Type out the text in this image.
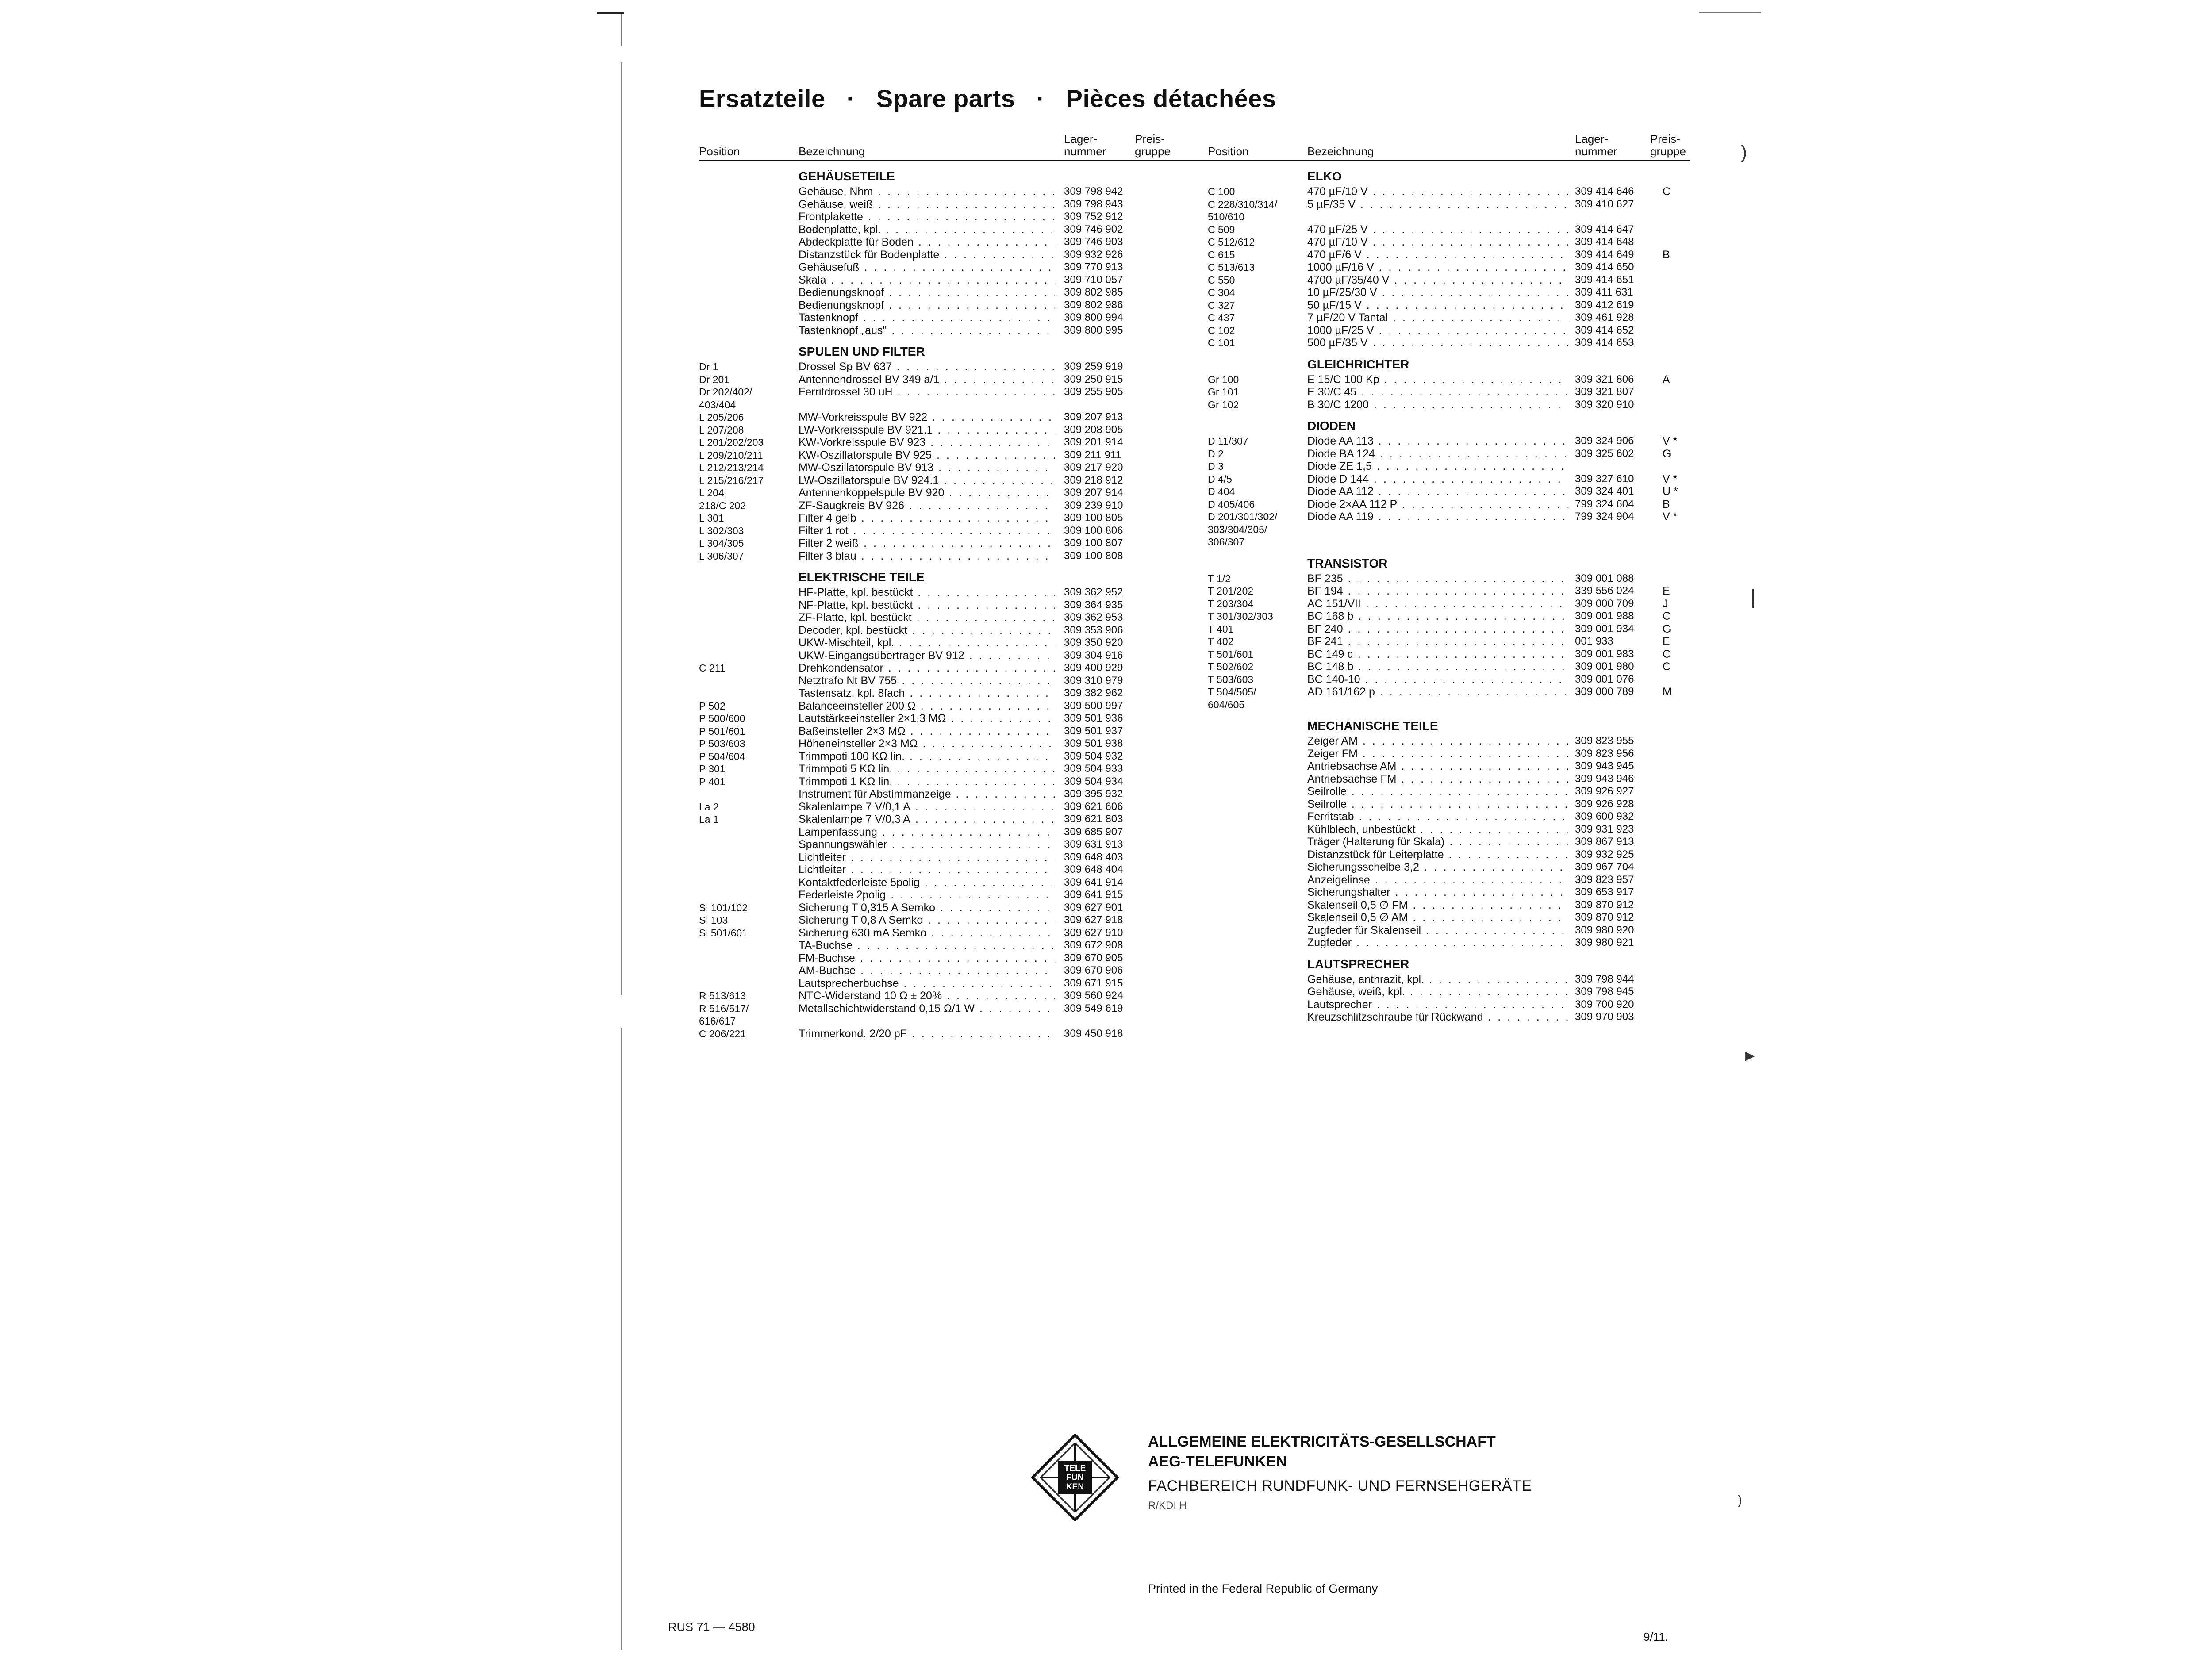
)
❘
▸
)
Ersatzteile · Spare parts · Pièces détachées
Position	Bezeichnung
Lager-
nummer
Preis-
gruppe
GEHÄUSETEILE
Gehäuse, Nhm . . .	309 798 942
Gehäuse, weiß . . .	309 798 943
Frontplakette . . .	309 752 912
Bodenplatte, kpl. . . .	309 746 902
Abdeckplatte für Boden . . .	309 746 903
Distanzstück für Bodenplatte . . .	309 932 926
Gehäusefuß . . .	309 770 913
Skala . . .	309 710 057
Bedienungsknopf . . .	309 802 985
Bedienungsknopf . . .	309 802 986
Tastenknopf . . .	309 800 994
Tastenknopf „aus" . . .	309 800 995
SPULEN UND FILTER
Dr 1	Drossel Sp BV 637 . . .	309 259 919
Dr 201	Antennendrossel BV 349 a/1 . . .	309 250 915
Dr 202/402/	Ferritdrossel 30 uH . . .	309 255 905
403/404
L 205/206	MW-Vorkreisspule BV 922 . . .	309 207 913
L 207/208	LW-Vorkreisspule BV 921.1 . . .	309 208 905
L 201/202/203	KW-Vorkreisspule BV 923 . . .	309 201 914
L 209/210/211	KW-Oszillatorspule BV 925 . . .	309 211 911
L 212/213/214	MW-Oszillatorspule BV 913 . . .	309 217 920
L 215/216/217	LW-Oszillatorspule BV 924.1 . . .	309 218 912
L 204	Antennenkoppelspule BV 920 . . .	309 207 914
218/C 202	ZF-Saugkreis BV 926 . . .	309 239 910
L 301	Filter 4 gelb . . .	309 100 805
L 302/303	Filter 1 rot . . .	309 100 806
L 304/305	Filter 2 weiß . . .	309 100 807
L 306/307	Filter 3 blau . . .	309 100 808
ELEKTRISCHE TEILE
HF-Platte, kpl. bestückt . . .	309 362 952
NF-Platte, kpl. bestückt . . .	309 364 935
ZF-Platte, kpl. bestückt . . .	309 362 953
Decoder, kpl. bestückt . . .	309 353 906
UKW-Mischteil, kpl. . . .	309 350 920
UKW-Eingangsübertrager BV 912 . . .	309 304 916
C 211	Drehkondensator . . .	309 400 929
Netztrafo Nt BV 755 . . .	309 310 979
Tastensatz, kpl. 8fach . . .	309 382 962
P 502	Balanceeinsteller 200 Ω . . .	309 500 997
P 500/600	Lautstärkeeinsteller 2×1,3 MΩ . . .	309 501 936
P 501/601	Baßeinsteller 2×3 MΩ . . .	309 501 937
P 503/603	Höheneinsteller 2×3 MΩ . . .	309 501 938
P 504/604	Trimmpoti 100 KΩ lin. . . .	309 504 932
P 301	Trimmpoti 5 KΩ lin. . . .	309 504 933
P 401	Trimmpoti 1 KΩ lin. . . .	309 504 934
Instrument für Abstimmanzeige . . .	309 395 932
La 2	Skalenlampe 7 V/0,1 A . . .	309 621 606
La 1	Skalenlampe 7 V/0,3 A . . .	309 621 803
Lampenfassung . . .	309 685 907
Spannungswähler . . .	309 631 913
Lichtleiter . . .	309 648 403
Lichtleiter . . .	309 648 404
Kontaktfederleiste 5polig . . .	309 641 914
Federleiste 2polig . . .	309 641 915
Si 101/102	Sicherung T 0,315 A Semko . . .	309 627 901
Si 103	Sicherung T 0,8 A Semko . . .	309 627 918
Si 501/601	Sicherung 630 mA Semko . . .	309 627 910
TA-Buchse . . .	309 672 908
FM-Buchse . . .	309 670 905
AM-Buchse . . .	309 670 906
Lautsprecherbuchse . . .	309 671 915
R 513/613	NTC-Widerstand 10 Ω ± 20% . . .	309 560 924
R 516/517/	Metallschichtwiderstand 0,15 Ω/1 W . . .	309 549 619
616/617
C 206/221	Trimmerkond. 2/20 pF . . .	309 450 918
Position	Bezeichnung
Lager-
nummer
Preis-
gruppe
ELKO
C 100	470 µF/10 V . . .	309 414 646	C
C 228/310/314/	5 µF/35 V . . .	309 410 627
510/610
C 509	470 µF/25 V . . .	309 414 647
C 512/612	470 µF/10 V . . .	309 414 648
C 615	470 µF/6 V . . .	309 414 649	B
C 513/613	1000 µF/16 V . . .	309 414 650
C 550	4700 µF/35/40 V . . .	309 414 651
C 304	10 µF/25/30 V . . .	309 411 631
C 327	50 µF/15 V . . .	309 412 619
C 437	7 µF/20 V Tantal . . .	309 461 928
C 102	1000 µF/25 V . . .	309 414 652
C 101	500 µF/35 V . . .	309 414 653
GLEICHRICHTER
Gr 100	E 15/C 100 Kp . . .	309 321 806	A
Gr 101	E 30/C 45 . . .	309 321 807
Gr 102	B 30/C 1200 . . .	309 320 910
DIODEN
D 11/307	Diode AA 113 . . .	309 324 906	V *
D 2	Diode BA 124 . . .	309 325 602	G
D 3	Diode ZE 1,5 . . .
D 4/5	Diode D 144 . . .	309 327 610	V *
D 404	Diode AA 112 . . .	309 324 401	U *
D 405/406	Diode 2×AA 112 P . . .	799 324 604	B
D 201/301/302/	Diode AA 119 . . .	799 324 904	V *
303/304/305/
306/307
TRANSISTOR
T 1/2	BF 235 . . .	309 001 088
T 201/202	BF 194 . . .	339 556 024	E
T 203/304	AC 151/VII . . .	309 000 709	J
T 301/302/303	BC 168 b . . .	309 001 988	C
T 401	BF 240 . . .	309 001 934	G
T 402	BF 241 . . .	001 933	E
T 501/601	BC 149 c . . .	309 001 983	C
T 502/602	BC 148 b . . .	309 001 980	C
T 503/603	BC 140-10 . . .	309 001 076
T 504/505/	AD 161/162 p . . .	309 000 789	M
604/605
MECHANISCHE TEILE
Zeiger AM . . .	309 823 955
Zeiger FM . . .	309 823 956
Antriebsachse AM . . .	309 943 945
Antriebsachse FM . . .	309 943 946
Seilrolle . . .	309 926 927
Seilrolle . . .	309 926 928
Ferritstab . . .	309 600 932
Kühlblech, unbestückt . . .	309 931 923
Träger (Halterung für Skala) . . .	309 867 913
Distanzstück für Leiterplatte . . .	309 932 925
Sicherungsscheibe 3,2 . . .	309 967 704
Anzeigelinse . . .	309 823 957
Sicherungshalter . . .	309 653 917
Skalenseil 0,5 ∅ FM . . .	309 870 912
Skalenseil 0,5 ∅ AM . . .	309 870 912
Zugfeder für Skalenseil . . .	309 980 920
Zugfeder . . .	309 980 921
LAUTSPRECHER
Gehäuse, anthrazit, kpl. . . .	309 798 944
Gehäuse, weiß, kpl. . . .	309 798 945
Lautsprecher . . .	309 700 920
Kreuzschlitzschraube für Rückwand . . .	309 970 903
TELE
FUN
KEN
ALLGEMEINE ELEKTRICITÄTS-GESELLSCHAFT
AEG-TELEFUNKEN
FACHBEREICH RUNDFUNK- UND FERNSEHGERÄTE
R/KDI H
Printed in the Federal Republic of Germany
RUS 71 — 4580
9/11.
